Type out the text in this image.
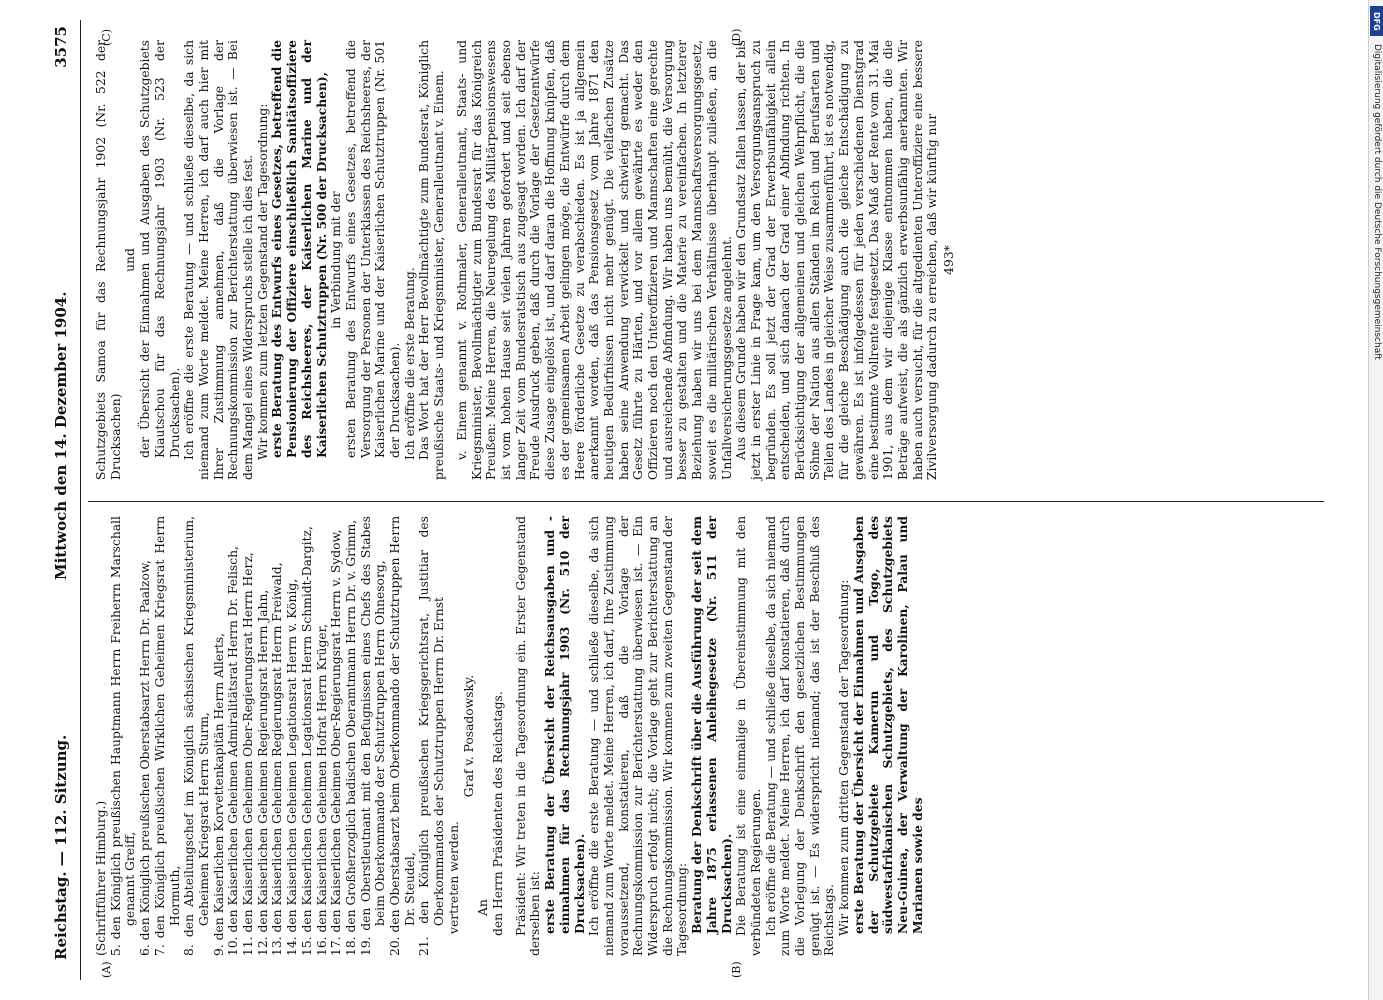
Reichstag. — 112. Sitzung.
Mittwoch den 14. Dezember 1904.
3575
(A)	(B)
(C)	(D)

(Schriftführer Himburg.) 5. den Königlich preußischen Hauptmann Herrn Freiherrn Marschall genannt Greiff, 6. den Königlich preußischen Oberstabsarzt Herrn Dr. Paalzow, 7. den Königlich preußischen Wirklichen Geheimen Kriegsrat Herrn Hormuth, 8. den Abteilungschef im Königlich sächsischen Kriegsministerium, Geheimen Kriegsrat Herrn Sturm, 9. den Kaiserlichen Korvettenkapitän Herrn Allerts, 10. den Kaiserlichen Geheimen Admiralitätsrat Herrn Dr. Felisch, 11. den Kaiserlichen Geheimen Ober-Regierungsrat Herrn Herz, 12. den Kaiserlichen Geheimen Regierungsrat Herrn Jahn, 13. den Kaiserlichen Geheimen Regierungsrat Herrn Freiwald, 14. den Kaiserlichen Geheimen Legationsrat Herrn v. König, 15. den Kaiserlichen Geheimen Legationsrat Herrn Schmidt-Dargitz, 16. den Kaiserlichen Geheimen Hofrat Herrn Krüger, 17. den Kaiserlichen Geheimen Ober-Regierungsrat Herrn v. Sydow, 18. den Großherzoglich badischen Oberamtmann Herrn Dr. v. Grimm, 19. den Oberstleutnant mit den Befugnissen eines Chefs des Stabes beim Oberkommando der Schutztruppen Herrn Ohnesorg, 20. den Oberstabsarzt beim Oberkommando der Schutztruppen Herrn Dr. Steudel, 21. den Königlich preußischen Kriegsgerichtsrat, Justitiar des Oberkommandos der Schutztruppen Herrn Dr. Ernst vertreten werden.

Graf v. Posadowsky.

An den Herrn Präsidenten des Reichstags. Präsident: Wir treten in die Tagesordnung ein. Erster Gegenstand derselben ist: erste Beratung der Übersicht der Reichsausgaben und -einnahmen für das Rechnungsjahr 1903 (Nr. 510 der Drucksachen). Ich eröffne die erste Beratung — und schließe dieselbe, da sich niemand zum Worte meldet. Meine Herren, ich darf, Ihre Zustimmung voraussetzend, konstatieren, daß die Vorlage der Rechnungskommission zur Berichterstattung überwiesen ist. — Ein Widerspruch erfolgt nicht; die Vorlage geht zur Berichterstattung an die Rechnungskommission. Wir kommen zum zweiten Gegenstand der Tagesordnung: Beratung der Denkschrift über die Ausführung der seit dem Jahre 1875 erlassenen Anleihegesetze (Nr. 511 der Drucksachen). Die Beratung ist eine einmalige in Übereinstimmung mit den verbündeten Regierungen. Ich eröffne die Beratung — und schließe dieselbe, da sich niemand zum Worte meldet. Meine Herren, ich darf konstatieren, daß durch die Vorlegung der Denkschrift den gesetzlichen Bestimmungen genügt ist. — Es widerspricht niemand; das ist der Beschluß des Reichstags. Wir kommen zum dritten Gegenstand der Tagesordnung: erste Beratung der Übersicht der Einnahmen und Ausgaben der Schutzgebiete Kamerun und Togo, des südwestafrikanischen Schutzgebiets, des Schutzgebiets Neu-Guinea, der Verwaltung der Karolinen, Palau und Marianen sowie des

Schutzgebiets Samoa für das Rechnungsjahr 1902 (Nr. 522 der Drucksachen)

und der Übersicht der Einnahmen und Ausgaben des Schutzgebiets Kiautschou für das Rechnungsjahr 1903 (Nr. 523 der Drucksachen). Ich eröffne die erste Beratung — und schließe dieselbe, da sich niemand zum Worte meldet. Meine Herren, ich darf auch hier mit Ihrer Zustimmung annehmen, daß die Vorlage der Rechnungskommission zur Berichterstattung überwiesen ist. — Bei dem Mangel eines Widerspruchs stelle ich dies fest. Wir kommen zum letzten Gegenstand der Tagesordnung: erste Beratung des Entwurfs eines Gesetzes, betreffend die Pensionierung der Offiziere einschließlich Sanitätsoffiziere des Reichsheeres, der Kaiserlichen Marine und der Kaiserlichen Schutztruppen (Nr. 500 der Drucksachen), in Verbindung mit der ersten Beratung des Entwurfs eines Gesetzes, betreffend die Versorgung der Personen der Unterklassen des Reichsheeres, der Kaiserlichen Marine und der Kaiserlichen Schutztruppen (Nr. 501 der Drucksachen). Ich eröffne die erste Beratung. Das Wort hat der Herr Bevollmächtigte zum Bundesrat, Königlich preußische Staats- und Kriegsminister, Generalleutnant v. Einem. v. Einem genannt v. Rothmaler, Generalleutnant, Staats- und Kriegsminister, Bevollmächtigter zum Bundesrat für das Königreich Preußen: Meine Herren, die Neuregelung des Militärpensionswesens ist vom hohen Hause seit vielen Jahren gefordert und seit ebenso langer Zeit vom Bundesratstisch aus zugesagt worden. Ich darf der Freude Ausdruck geben, daß durch die Vorlage der Gesetzentwürfe diese Zusage eingelöst ist, und darf daran die Hoffnung knüpfen, daß es der gemeinsamen Arbeit gelingen möge, die Entwürfe durch dem Heere förderliche Gesetze zu verabschieden. Es ist ja allgemein anerkannt worden, daß das Pensionsgesetz vom Jahre 1871 den heutigen Bedürfnissen nicht mehr genügt. Die vielfachen Zusätze haben seine Anwendung verwickelt und schwierig gemacht. Das Gesetz führte zu Härten, und vor allem gewährte es weder den Offizieren noch den Unteroffizieren und Mannschaften eine gerechte und ausreichende Abfindung. Wir haben uns bemüht, die Versorgung besser zu gestalten und die Materie zu vereinfachen. In letzterer Beziehung haben wir uns bei dem Mannschaftsversorgungsgesetz, soweit es die militärischen Verhältnisse überhaupt zuließen, an die Unfallversicherungsgesetze angelehnt. Aus diesem Grunde haben wir den Grundsatz fallen lassen, der bis jetzt in erster Linie in Frage kam, um den Versorgungsanspruch zu begründen. Es soll jetzt der Grad der Erwerbsunfähigkeit allein entscheiden, und sich danach der Grad einer Abfindung richten. In Berücksichtigung der allgemeinen und gleichen Wehrpflicht, die die Söhne der Nation aus allen Ständen im Reich und Berufsarten und Teilen des Landes in gleicher Weise zusammenführt, ist es notwendig, für die gleiche Beschädigung auch die gleiche Entschädigung zu gewähren. Es ist infolgedessen für jeden verschiedenen Dienstgrad eine bestimmte Vollrente festgesetzt. Das Maß der Rente vom 31. Mai 1901, aus dem wir diejenige Klasse entnommen haben, die die Beträge aufweist, die als gänzlich erwerbsunfähig anerkannten. Wir haben auch versucht, für die altgedienten Unteroffiziere eine bessere Zivilversorgung dadurch zu erreichen, daß wir künftig nur 493*

DFG
Digitalisierung gefördert durch die Deutsche Forschungsgemeinschaft
